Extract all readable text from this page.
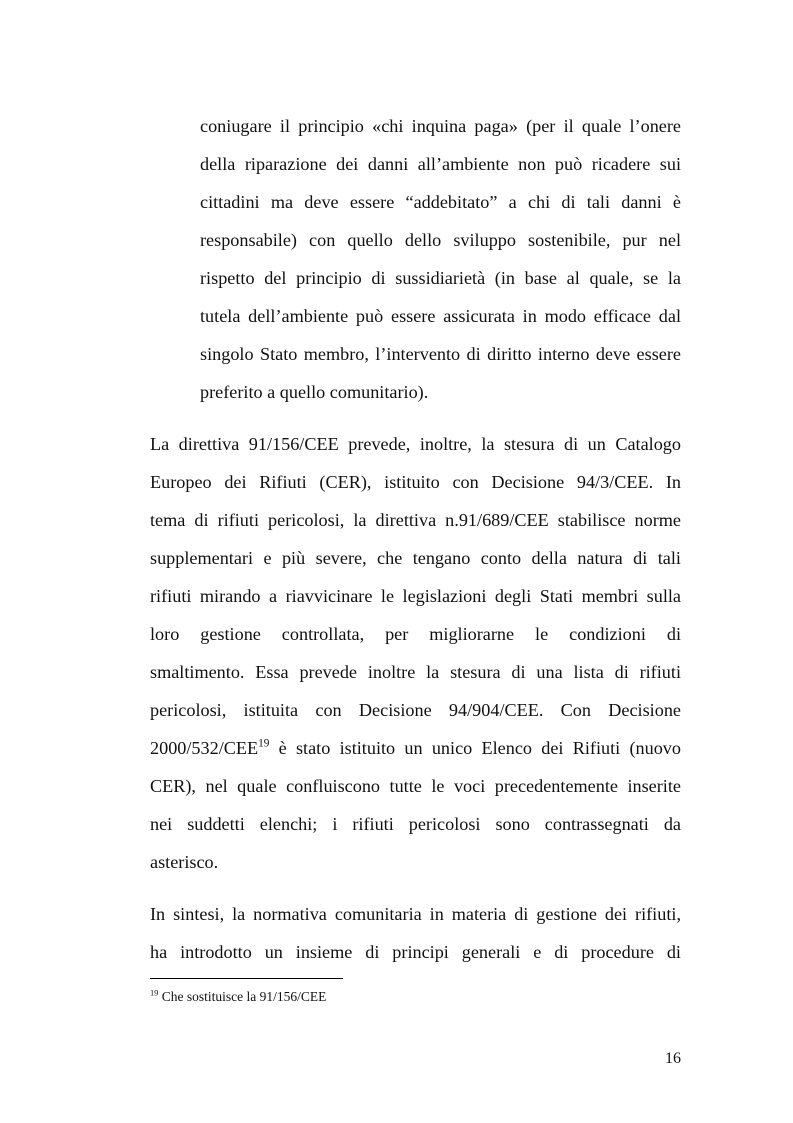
coniugare il principio «chi inquina paga» (per il quale l’onere
della riparazione dei danni all’ambiente non può ricadere sui
cittadini ma deve essere “addebitato” a chi di tali danni è
responsabile) con quello dello sviluppo sostenibile, pur nel
rispetto del principio di sussidiarietà (in base al quale, se la
tutela dell’ambiente può essere assicurata in modo efficace dal
singolo Stato membro, l’intervento di diritto interno deve essere
preferito a quello comunitario).
La direttiva 91/156/CEE prevede, inoltre, la stesura di un Catalogo
Europeo dei Rifiuti (CER), istituito con Decisione 94/3/CEE. In
tema di rifiuti pericolosi, la direttiva n.91/689/CEE stabilisce norme
supplementari e più severe, che tengano conto della natura di tali
rifiuti mirando a riavvicinare le legislazioni degli Stati membri sulla
loro gestione controllata, per migliorarne le condizioni di
smaltimento. Essa prevede inoltre la stesura di una lista di rifiuti
pericolosi, istituita con Decisione 94/904/CEE. Con Decisione
2000/532/CEE$^{19}$ è stato istituito un unico Elenco dei Rifiuti (nuovo
CER), nel quale confluiscono tutte le voci precedentemente inserite
nei suddetti elenchi; i rifiuti pericolosi sono contrassegnati da
asterisco.
In sintesi, la normativa comunitaria in materia di gestione dei rifiuti,
ha introdotto un insieme di principi generali e di procedure di
$^{19}$ Che sostituisce la 91/156/CEE
16
